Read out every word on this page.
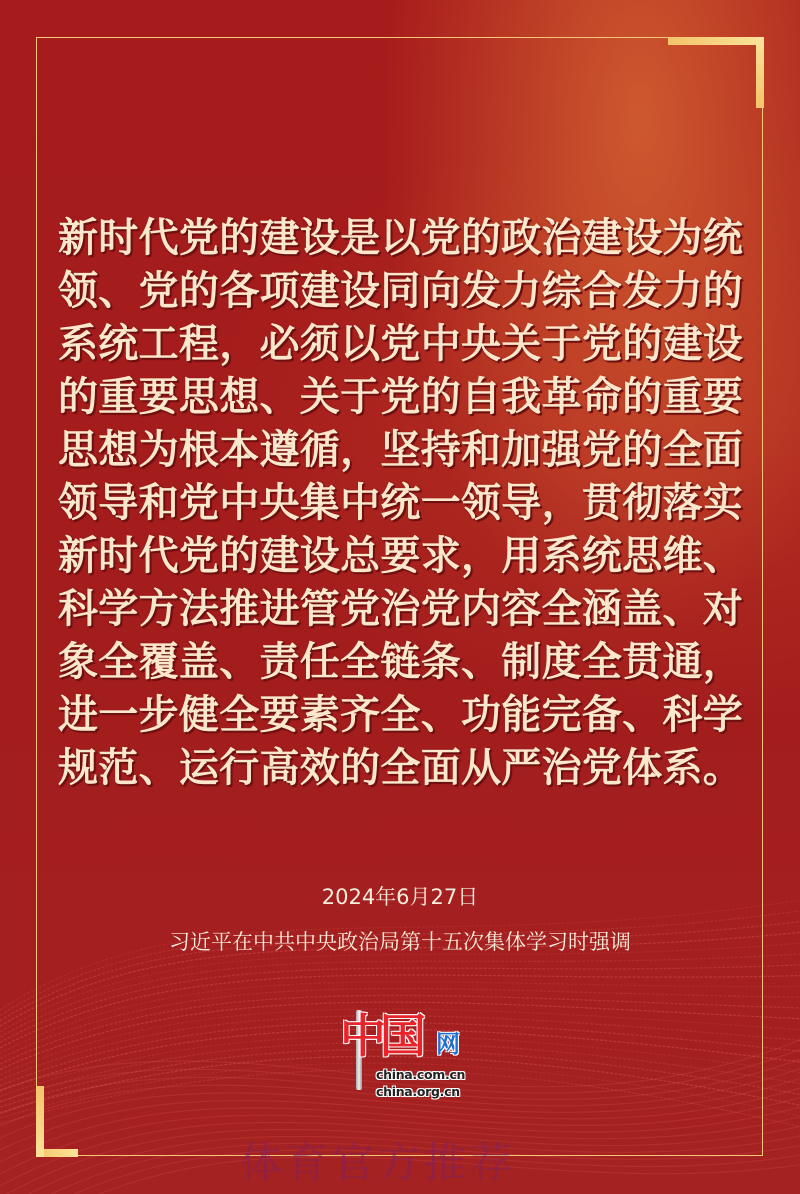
新时代党的建设是以党的政治建设为统
领、党的各项建设同向发力综合发力的
系统工程，必须以党中央关于党的建设
的重要思想、关于党的自我革命的重要
思想为根本遵循，坚持和加强党的全面
领导和党中央集中统一领导，贯彻落实
新时代党的建设总要求，用系统思维、
科学方法推进管党治党内容全涵盖、对
象全覆盖、责任全链条、制度全贯通，
进一步健全要素齐全、功能完备、科学
规范、运行高效的全面从严治党体系。
2024年6月27日
习近平在中共中央政治局第十五次集体学习时强调
中国 网
china.com.cn
china.org.cn
体育官方推荐
